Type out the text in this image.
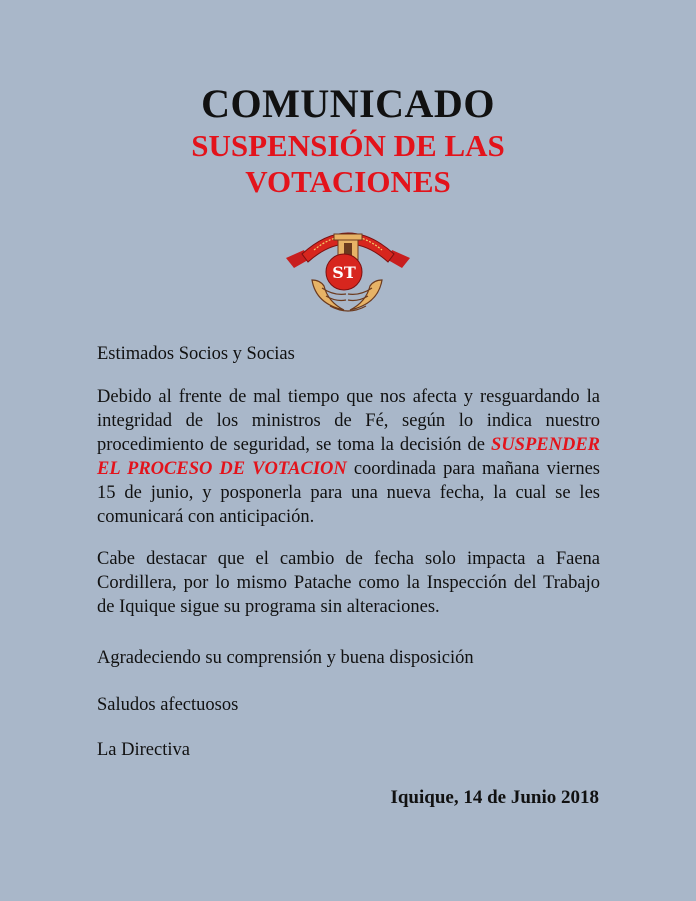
COMUNICADO
SUSPENSIÓN DE LAS VOTACIONES
ST
Estimados Socios y Socias
Debido al frente de mal tiempo que nos afecta y resguardando la integridad de los ministros de Fé, según lo indica nuestro procedimiento de seguridad, se toma la decisión de SUSPENDER EL PROCESO DE VOTACION coordinada para mañana viernes 15 de junio, y posponerla para una nueva fecha, la cual se les comunicará con anticipación.
Cabe destacar que el cambio de fecha solo impacta a Faena Cordillera, por lo mismo Patache como la Inspección del Trabajo de Iquique sigue su programa sin alteraciones.
Agradeciendo su comprensión y buena disposición
Saludos afectuosos
La Directiva
Iquique, 14 de Junio 2018
